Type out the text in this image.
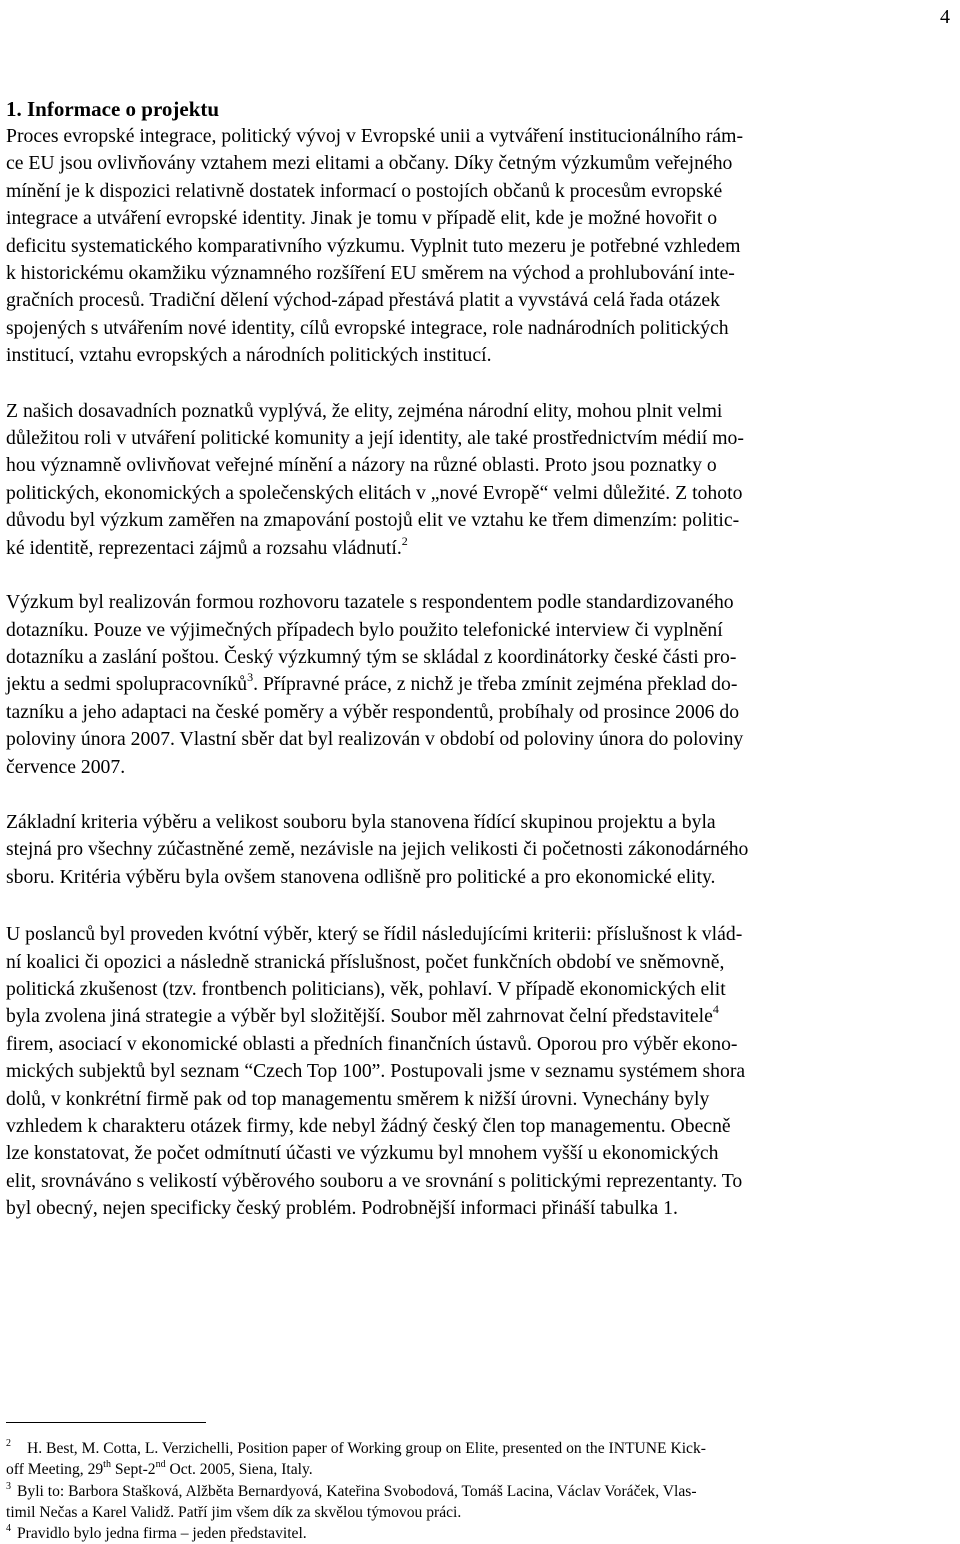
4

1. Informace o projektu

Proces evropské integrace, politický vývoj v Evropské unii a vytváření institucionálního rám-
ce EU jsou ovlivňovány vztahem mezi elitami a občany. Díky četným výzkumům veřejného
mínění je k dispozici relativně dostatek informací o postojích občanů k procesům evropské
integrace a utváření evropské identity. Jinak je tomu v případě elit, kde je možné hovořit o
deficitu systematického komparativního výzkumu. Vyplnit tuto mezeru je potřebné vzhledem
k historickému okamžiku významného rozšíření EU směrem na východ a prohlubování inte-
gračních procesů. Tradiční dělení východ-západ přestává platit a vyvstává celá řada otázek
spojených s utvářením nové identity, cílů evropské integrace, role nadnárodních politických
institucí, vztahu evropských a národních politických institucí.

Z našich dosavadních poznatků vyplývá, že elity, zejména národní elity, mohou plnit velmi
důležitou roli v utváření politické komunity a její identity, ale také prostřednictvím médií mo-
hou významně ovlivňovat veřejné mínění a názory na různé oblasti. Proto jsou poznatky o
politických, ekonomických a společenských elitách v „nové Evropě“ velmi důležité. Z tohoto
důvodu byl výzkum zaměřen na zmapování postojů elit ve vztahu ke třem dimenzím: politic-
ké identitě, reprezentaci zájmů a rozsahu vládnutí.$^2$

Výzkum byl realizován formou rozhovoru tazatele s respondentem podle standardizovaného
dotazníku. Pouze ve výjimečných případech bylo použito telefonické interview či vyplnění
dotazníku a zaslání poštou. Český výzkumný tým se skládal z koordinátorky české části pro-
jektu a sedmi spolupracovníků$^3$. Přípravné práce, z nichž je třeba zmínit zejména překlad do-
tazníku a jeho adaptaci na české poměry a výběr respondentů, probíhaly od prosince 2006 do
poloviny února 2007. Vlastní sběr dat byl realizován v období od poloviny února do poloviny
července 2007.

Základní kriteria výběru a velikost souboru byla stanovena řídící skupinou projektu a byla
stejná pro všechny zúčastněné země, nezávisle na jejich velikosti či početnosti zákonodárného
sboru. Kritéria výběru byla ovšem stanovena odlišně pro politické a pro ekonomické elity.

U poslanců byl proveden kvótní výběr, který se řídil následujícími kriterii: příslušnost k vlád-
ní koalici či opozici a následně stranická příslušnost, počet funkčních období ve sněmovně,
politická zkušenost (tzv. frontbench politicians), věk, pohlaví. V případě ekonomických elit
byla zvolena jiná strategie a výběr byl složitější. Soubor měl zahrnovat čelní představitele$^4$
firem, asociací v ekonomické oblasti a předních finančních ústavů. Oporou pro výběr ekono-
mických subjektů byl seznam “Czech Top 100”. Postupovali jsme v seznamu systémem shora
dolů, v konkrétní firmě pak od top managementu směrem k nižší úrovni. Vynechány byly
vzhledem k charakteru otázek firmy, kde nebyl žádný český člen top managementu. Obecně
lze konstatovat, že počet odmítnutí účasti ve výzkumu byl mnohem vyšší u ekonomických
elit, srovnáváno s velikostí výběrového souboru a ve srovnání s politickými reprezentanty. To
byl obecný, nejen specificky český problém. Podrobnější informaci přináší tabulka 1.

$^2$ H. Best, M. Cotta, L. Verzichelli, Position paper of Working group on Elite, presented on the INTUNE Kick-
off Meeting, 29th Sept-2nd Oct. 2005, Siena, Italy.

$^3$ Byli to: Barbora Stašková, Alžběta Bernardyová, Kateřina Svobodová, Tomáš Lacina, Václav Voráček, Vlas-
timil Nečas a Karel Validž. Patří jim všem dík za skvělou týmovou práci.

$^4$ Pravidlo bylo jedna firma – jeden představitel.
